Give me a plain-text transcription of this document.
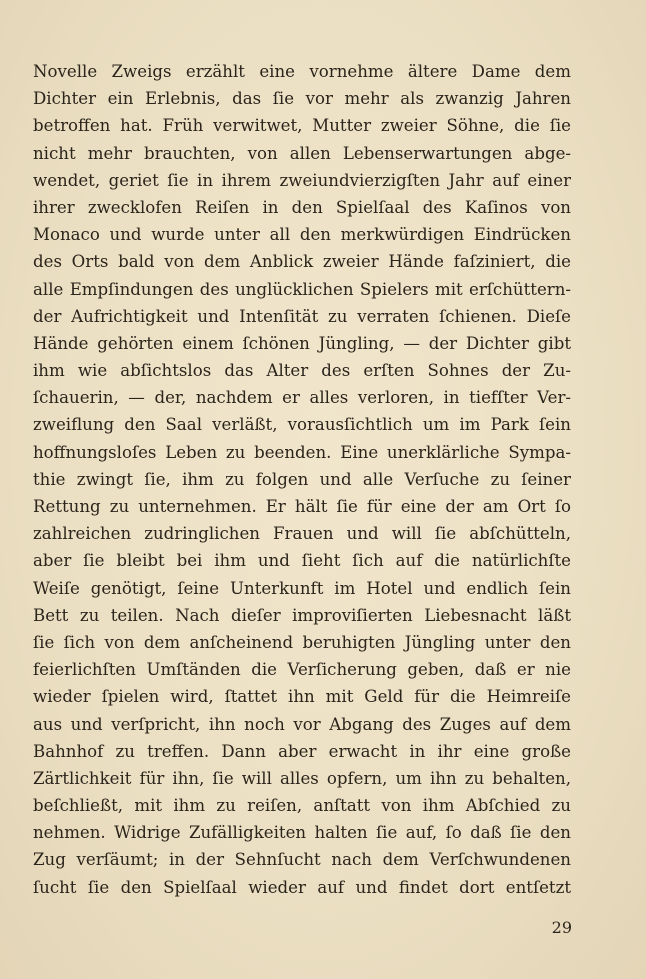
Novelle Zweigs erzählt eine vornehme ältere Dame dem
Dichter ein Erlebnis, das ſie vor mehr als zwanzig Jahren
betroffen hat. Früh verwitwet, Mutter zweier Söhne, die ſie
nicht mehr brauchten, von allen Lebenserwartungen abge-
wendet, geriet ſie in ihrem zweiundvierzigſten Jahr auf einer
ihrer zwecklofen Reiſen in den Spielſaal des Kaſinos von
Monaco und wurde unter all den merkwürdigen Eindrücken
des Orts bald von dem Anblick zweier Hände faſziniert, die
alle Empſindungen des unglücklichen Spielers mit erſchüttern-
der Aufrichtigkeit und Intenſität zu verraten ſchienen. Dieſe
Hände gehörten einem ſchönen Jüngling, — der Dichter gibt
ihm wie abſichtslos das Alter des erſten Sohnes der Zu-
ſchauerin, — der, nachdem er alles verloren, in tiefſter Ver-
zweiflung den Saal verläßt, vorausſichtlich um im Park ſein
hoffnungsloſes Leben zu beenden. Eine unerklärliche Sympa-
thie zwingt ſie, ihm zu folgen und alle Verſuche zu ſeiner
Rettung zu unternehmen. Er hält ſie für eine der am Ort ſo
zahlreichen zudringlichen Frauen und will ſie abſchütteln,
aber ſie bleibt bei ihm und ſieht ſich auf die natürlichſte
Weiſe genötigt, ſeine Unterkunft im Hotel und endlich ſein
Bett zu teilen. Nach dieſer improviſierten Liebesnacht läßt
ſie ſich von dem anſcheinend beruhigten Jüngling unter den
feierlichſten Umſtänden die Verſicherung geben, daß er nie
wieder ſpielen wird, ſtattet ihn mit Geld für die Heimreiſe
aus und verſpricht, ihn noch vor Abgang des Zuges auf dem
Bahnhof zu treffen. Dann aber erwacht in ihr eine große
Zärtlichkeit für ihn, ſie will alles opfern, um ihn zu behalten,
beſchließt, mit ihm zu reiſen, anſtatt von ihm Abſchied zu
nehmen. Widrige Zufälligkeiten halten ſie auf, ſo daß ſie den
Zug verſäumt; in der Sehnſucht nach dem Verſchwundenen
ſucht ſie den Spielſaal wieder auf und findet dort entſetzt
29
